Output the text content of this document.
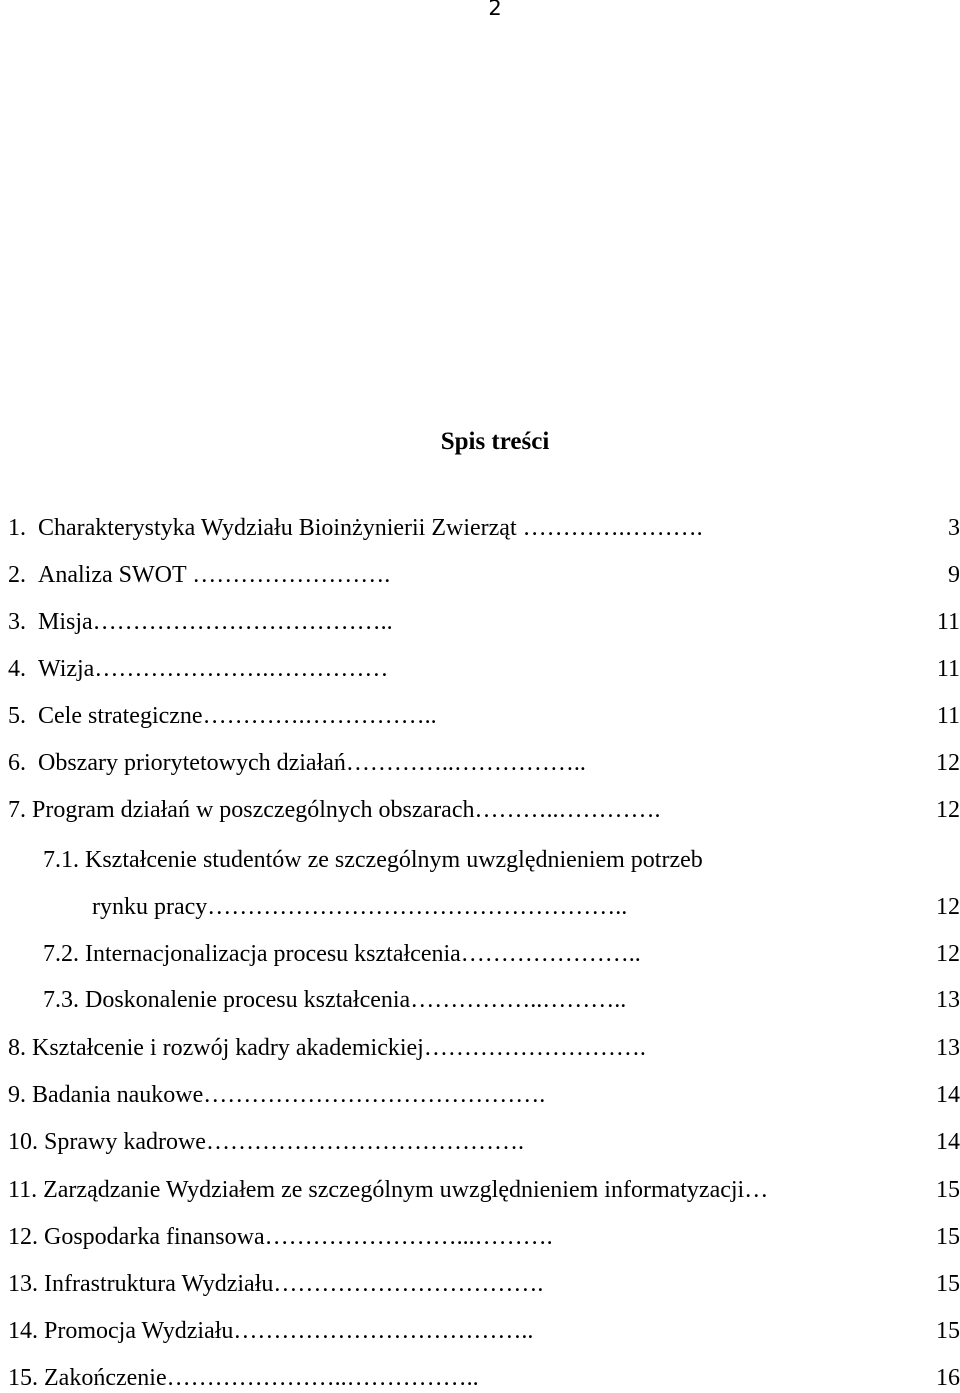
2
Spis treści
1. Charakterystyka Wydziału Bioinżynierii Zwierząt ………….……….	3
2. Analiza SWOT …………………….	9
3. Misja………………………………..	11
4. Wizja………………….……………	11
5. Cele strategiczne………….……………..	11
6. Obszary priorytetowych działań…………..……………..	12
7. Program działań w poszczególnych obszarach………..………….	12
7.1. Kształcenie studentów ze szczególnym uwzględnieniem potrzeb
rynku pracy……………………………………………..	12
7.2. Internacjonalizacja procesu kształcenia…………………..	12
7.3. Doskonalenie procesu kształcenia……………..………..	13
8. Kształcenie i rozwój kadry akademickiej……………………….	13
9. Badania naukowe…………………………………….	14
10. Sprawy kadrowe………………………………….	14
11. Zarządzanie Wydziałem ze szczególnym uwzględnieniem informatyzacji…	15
12. Gospodarka finansowa……………………...……….	15
13. Infrastruktura Wydziału…………………………….	15
14. Promocja Wydziału………………………………..	15
15. Zakończenie…………………..……………..	16
